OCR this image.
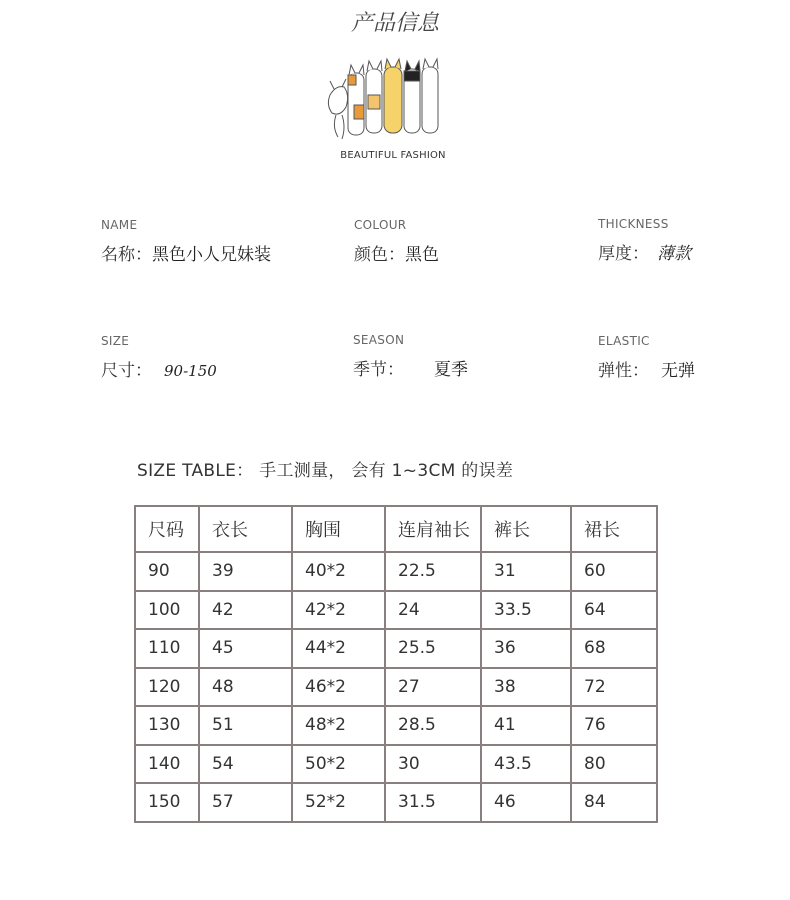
产品信息
BEAUTIFUL FASHION
NAME
名称：黑色小人兄妹装
COLOUR
颜色：黑色
THICKNESS
厚度： 薄款
SIZE
尺寸： 90-150
SEASON
季节： 夏季
ELASTIC
弹性： 无弹
SIZE TABLE： 手工测量， 会有 1~3CM 的误差
尺码	衣长	胸围	连肩袖长	裤长	裙长
90	39	40*2	22.5	31	60
100	42	42*2	24	33.5	64
110	45	44*2	25.5	36	68
120	48	46*2	27	38	72
130	51	48*2	28.5	41	76
140	54	50*2	30	43.5	80
150	57	52*2	31.5	46	84
